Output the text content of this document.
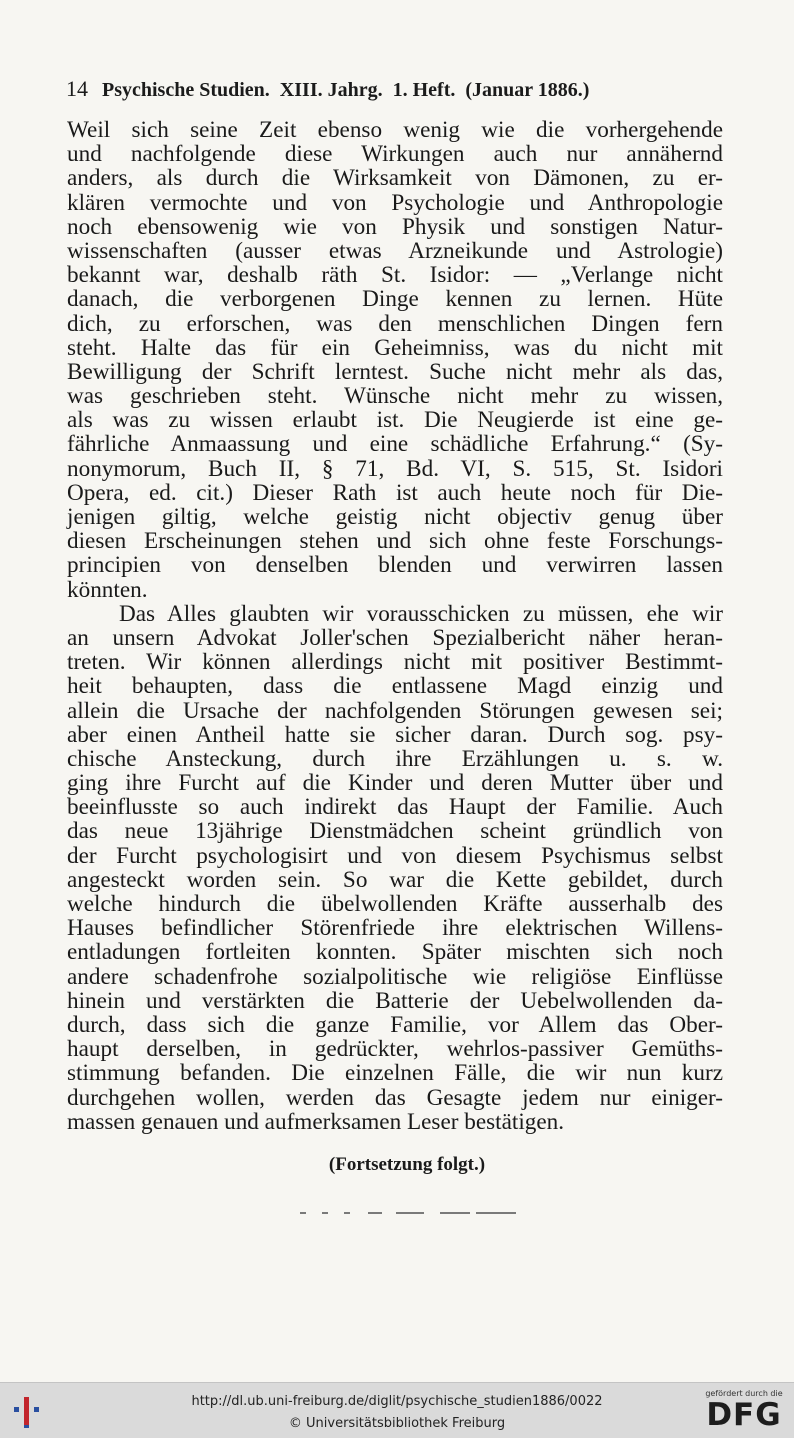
14 Psychische Studien.  XIII. Jahrg.  1. Heft.  (Januar 1886.)
Weil sich seine Zeit ebenso wenig wie die vorhergehende
und nachfolgende diese Wirkungen auch nur annähernd
anders, als durch die Wirksamkeit von Dämonen, zu er-
klären vermochte und von Psychologie und Anthropologie
noch ebensowenig wie von Physik und sonstigen Natur-
wissenschaften (ausser etwas Arzneikunde und Astrologie)
bekannt war, deshalb räth St. Isidor: — „Verlange nicht
danach, die verborgenen Dinge kennen zu lernen. Hüte
dich, zu erforschen, was den menschlichen Dingen fern
steht. Halte das für ein Geheimniss, was du nicht mit
Bewilligung der Schrift lerntest. Suche nicht mehr als das,
was geschrieben steht. Wünsche nicht mehr zu wissen,
als was zu wissen erlaubt ist. Die Neugierde ist eine ge-
fährliche Anmaassung und eine schädliche Erfahrung.“ (Sy-
nonymorum, Buch II, § 71, Bd. VI, S. 515, St. Isidori
Opera, ed. cit.) Dieser Rath ist auch heute noch für Die-
jenigen giltig, welche geistig nicht objectiv genug über
diesen Erscheinungen stehen und sich ohne feste Forschungs-
principien von denselben blenden und verwirren lassen
könnten.
Das Alles glaubten wir vorausschicken zu müssen, ehe wir
an unsern Advokat Joller'schen Spezialbericht näher heran-
treten. Wir können allerdings nicht mit positiver Bestimmt-
heit behaupten, dass die entlassene Magd einzig und
allein die Ursache der nachfolgenden Störungen gewesen sei;
aber einen Antheil hatte sie sicher daran. Durch sog. psy-
chische Ansteckung, durch ihre Erzählungen u. s. w.
ging ihre Furcht auf die Kinder und deren Mutter über und
beeinflusste so auch indirekt das Haupt der Familie. Auch
das neue 13jährige Dienstmädchen scheint gründlich von
der Furcht psychologisirt und von diesem Psychismus selbst
angesteckt worden sein. So war die Kette gebildet, durch
welche hindurch die übelwollenden Kräfte ausserhalb des
Hauses befindlicher Störenfriede ihre elektrischen Willens-
entladungen fortleiten konnten. Später mischten sich noch
andere schadenfrohe sozialpolitische wie religiöse Einflüsse
hinein und verstärkten die Batterie der Uebelwollenden da-
durch, dass sich die ganze Familie, vor Allem das Ober-
haupt derselben, in gedrückter, wehrlos-passiver Gemüths-
stimmung befanden. Die einzelnen Fälle, die wir nun kurz
durchgehen wollen, werden das Gesagte jedem nur einiger-
massen genauen und aufmerksamen Leser bestätigen.
(Fortsetzung folgt.)
http://dl.ub.uni-freiburg.de/diglit/psychische_studien1886/0022
© Universitätsbibliothek Freiburg
gefördert durch die
DFG
